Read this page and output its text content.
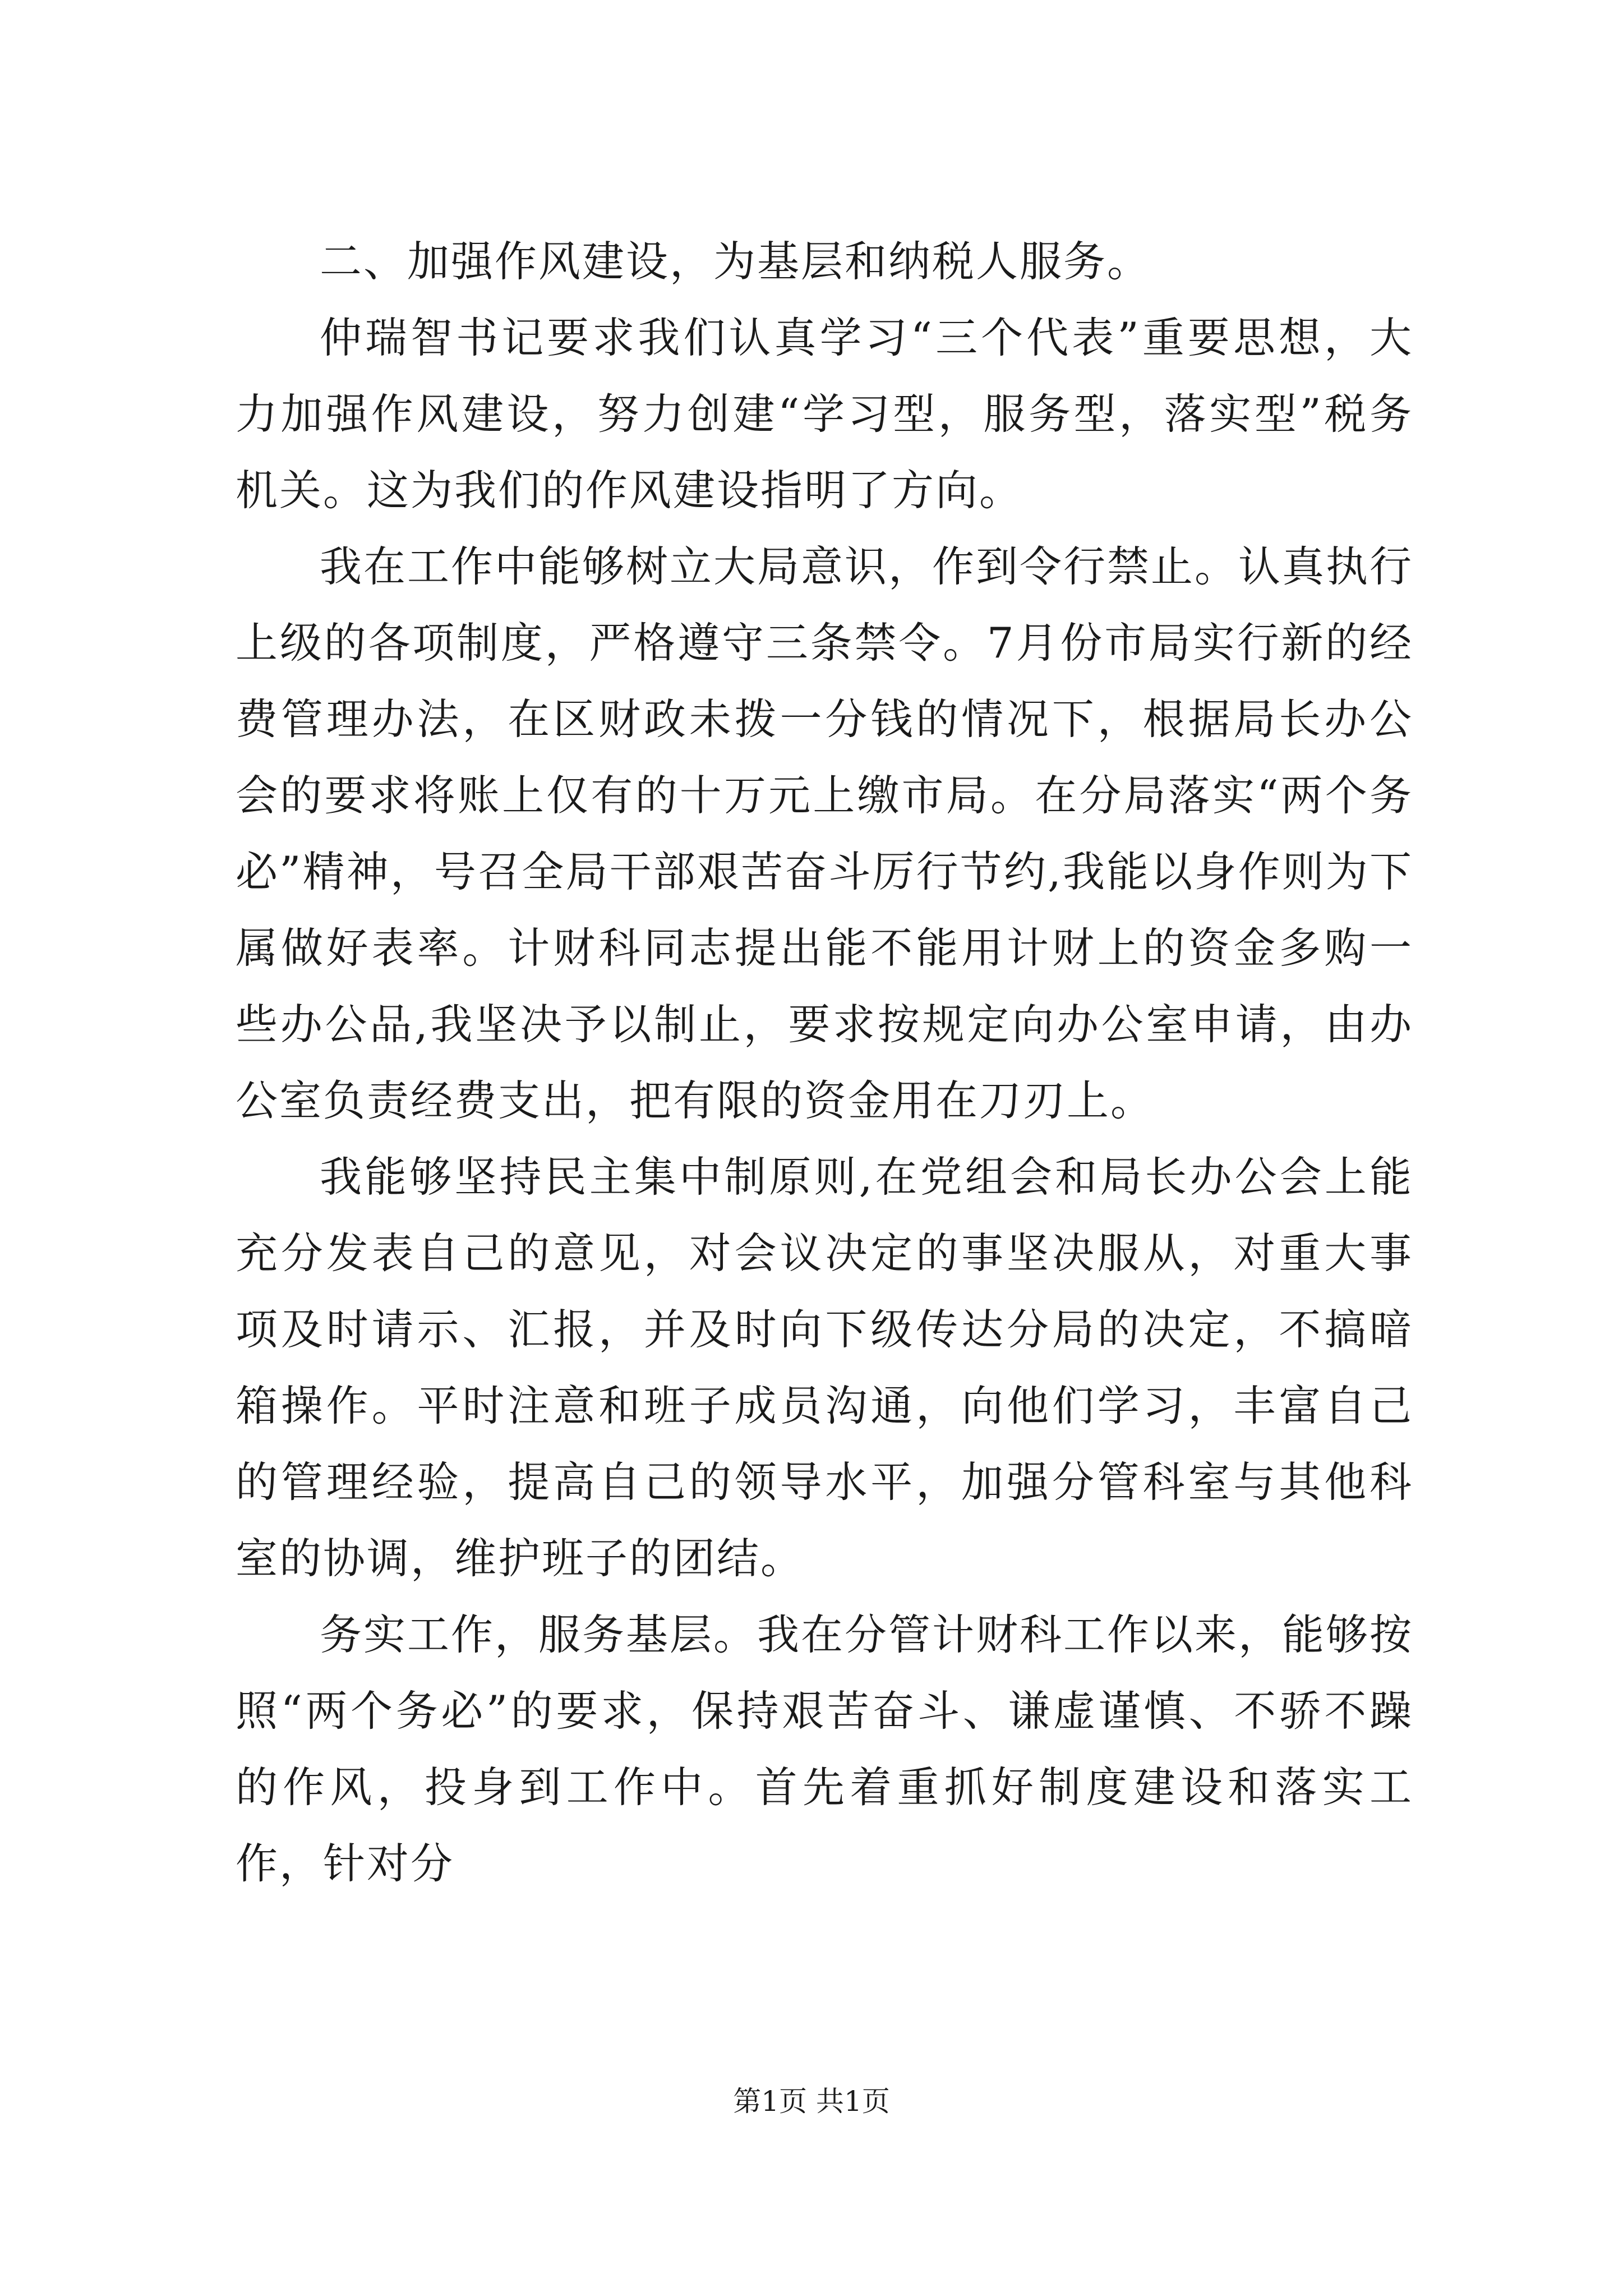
二、加强作风建设，为基层和纳税人服务。

仲瑞智书记要求我们认真学习“三个代表”重要思想，大力加强作风建设，努力创建“学习型，服务型，落实型”税务机关。这为我们的作风建设指明了方向。

我在工作中能够树立大局意识，作到令行禁止。认真执行上级的各项制度，严格遵守三条禁令。7月份市局实行新的经费管理办法，在区财政未拨一分钱的情况下，根据局长办公会的要求将账上仅有的十万元上缴市局。在分局落实“两个务必”精神，号召全局干部艰苦奋斗厉行节约,我能以身作则为下属做好表率。计财科同志提出能不能用计财上的资金多购一些办公品,我坚决予以制止，要求按规定向办公室申请，由办公室负责经费支出，把有限的资金用在刀刃上。

我能够坚持民主集中制原则,在党组会和局长办公会上能充分发表自己的意见，对会议决定的事坚决服从，对重大事项及时请示、汇报，并及时向下级传达分局的决定，不搞暗箱操作。平时注意和班子成员沟通，向他们学习，丰富自己的管理经验，提高自己的领导水平，加强分管科室与其他科室的协调，维护班子的团结。

务实工作，服务基层。我在分管计财科工作以来，能够按照“两个务必”的要求，保持艰苦奋斗、谦虚谨慎、不骄不躁的作风，投身到工作中。首先着重抓好制度建设和落实工作，针对分

第1页 共1页
